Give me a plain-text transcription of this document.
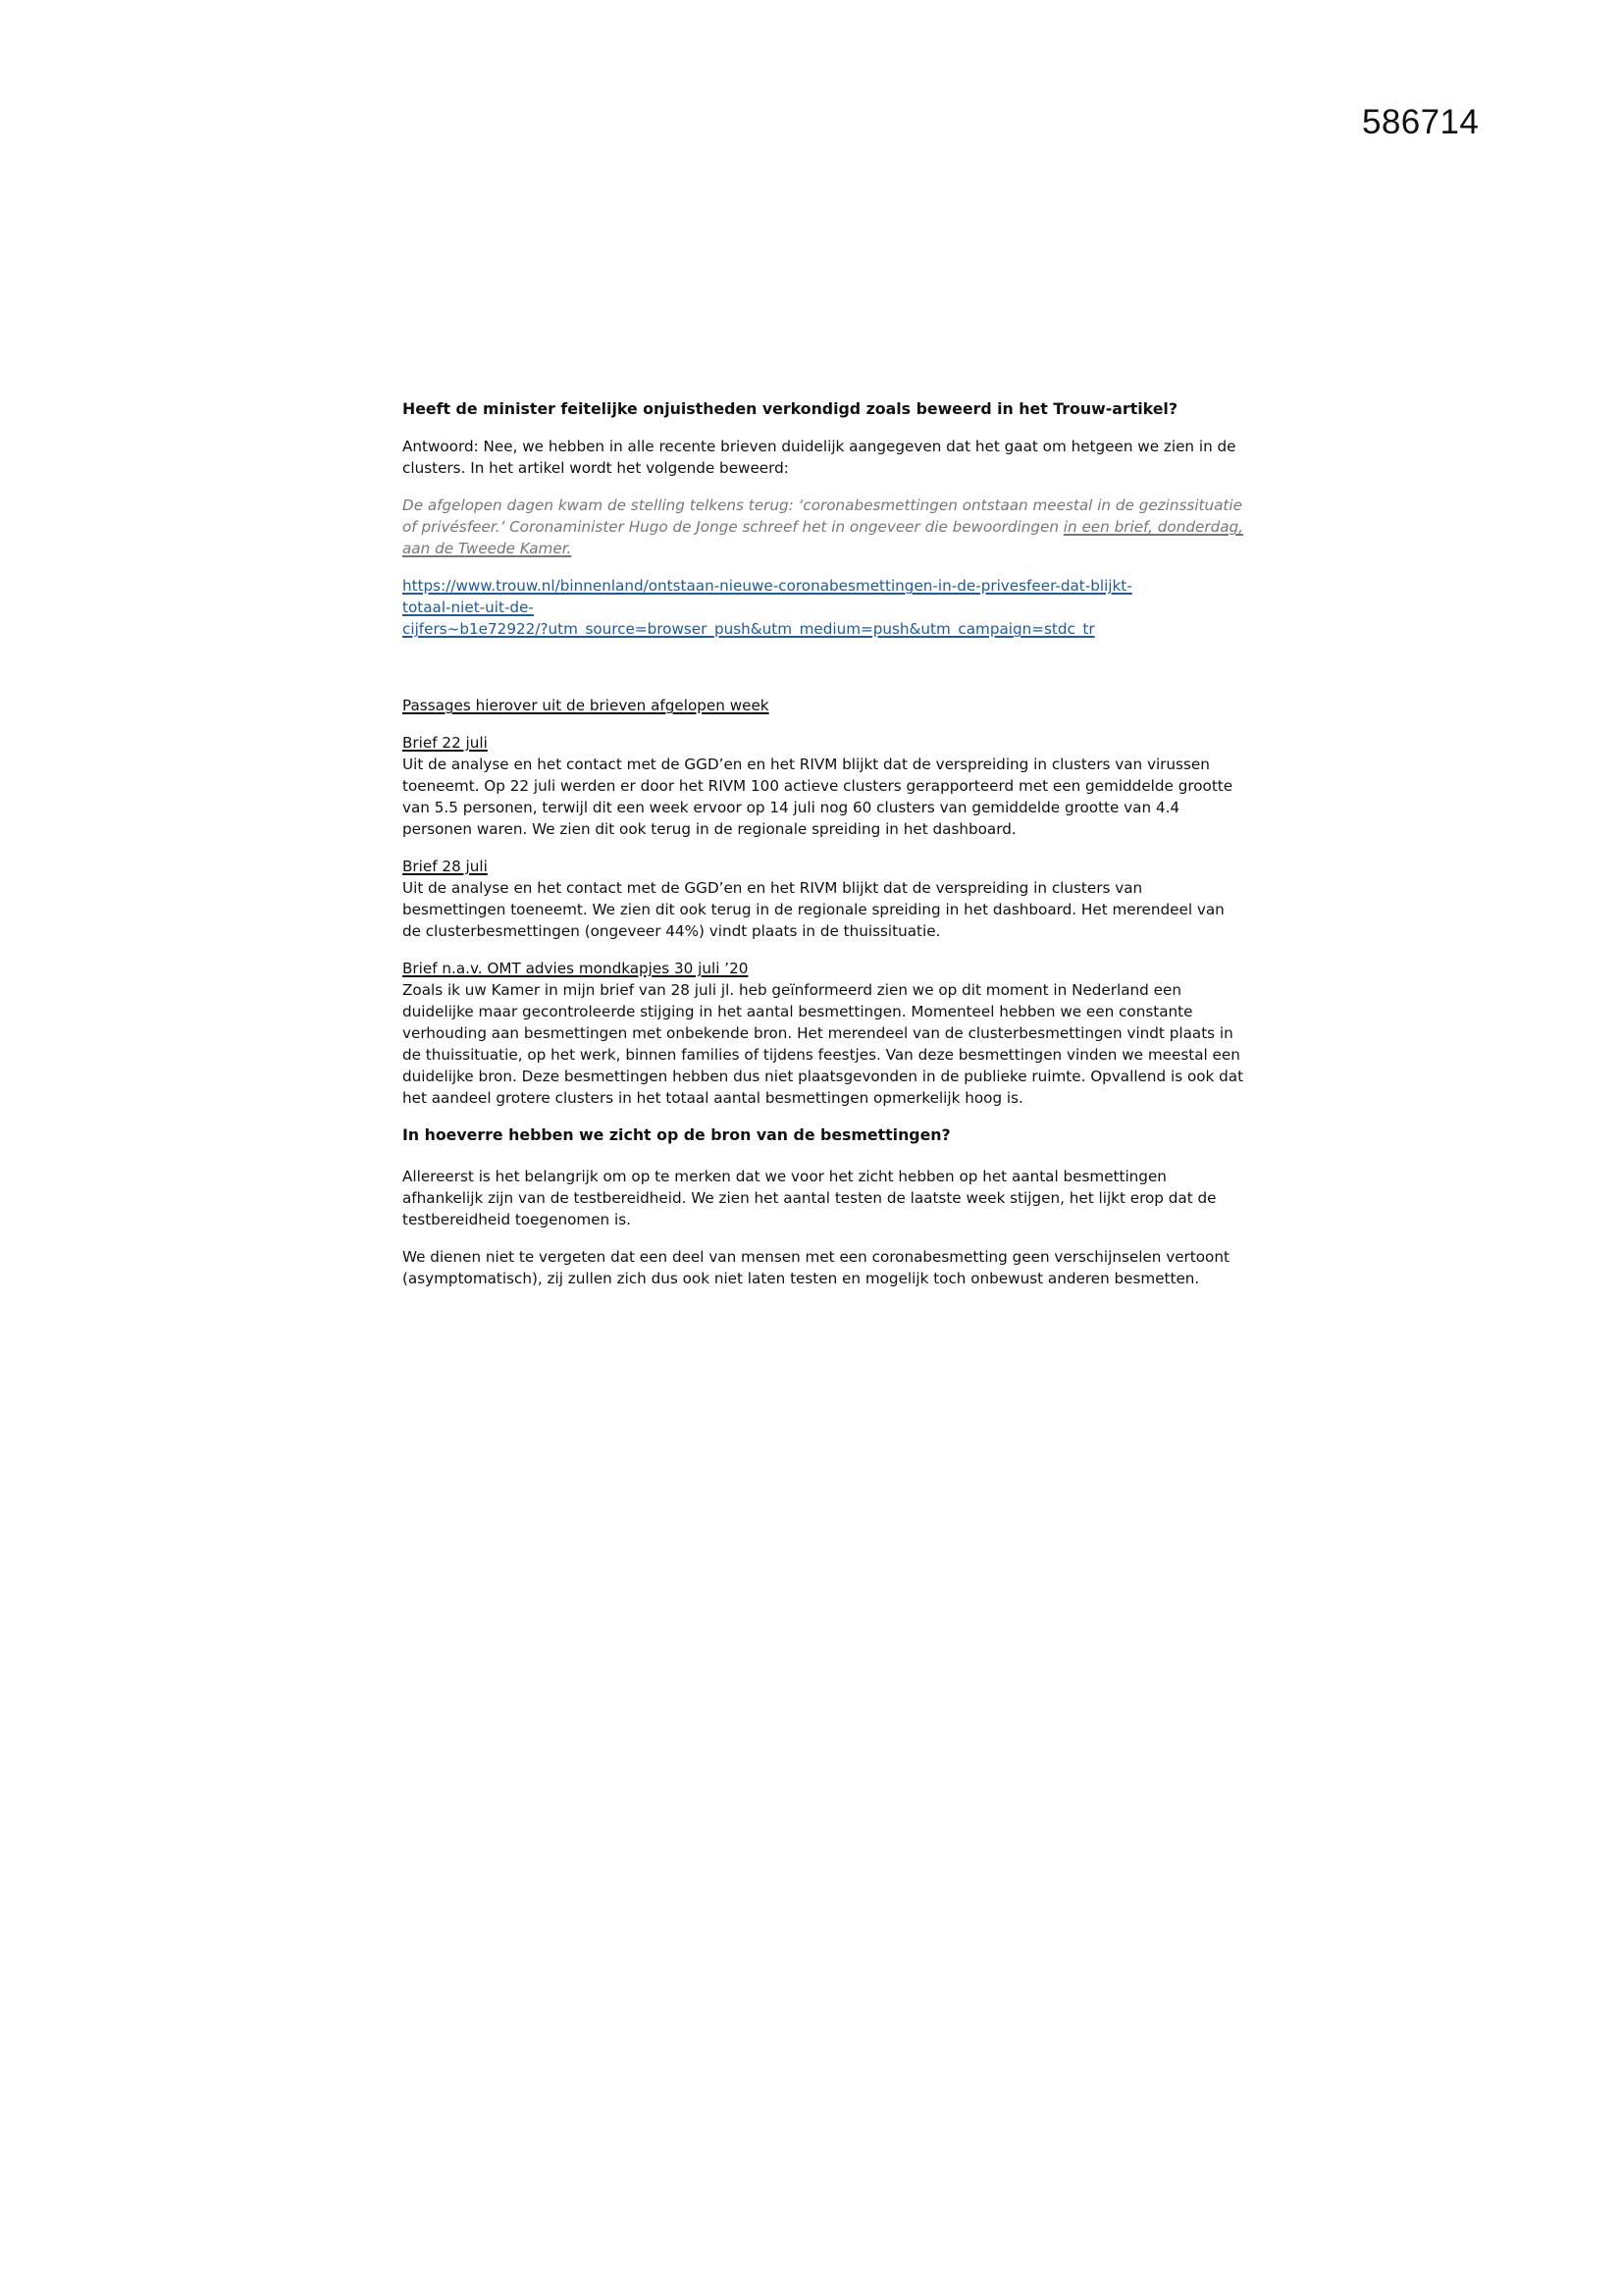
586714

Heeft de minister feitelijke onjuistheden verkondigd zoals beweerd in het Trouw-artikel?

Antwoord: Nee, we hebben in alle recente brieven duidelijk aangegeven dat het gaat om hetgeen we zien in de clusters. In het artikel wordt het volgende beweerd:

De afgelopen dagen kwam de stelling telkens terug: ‘coronabesmettingen ontstaan meestal in de gezinssituatie of privésfeer.’ Coronaminister Hugo de Jonge schreef het in ongeveer die bewoordingen in een brief, donderdag, aan de Tweede Kamer.

https://www.trouw.nl/binnenland/ontstaan-nieuwe-coronabesmettingen-in-de-privesfeer-dat-blijkt-
totaal-niet-uit-de-
cijfers~b1e72922/?utm_source=browser_push&utm_medium=push&utm_campaign=stdc_tr

Passages hierover uit de brieven afgelopen week

Brief 22 juli

Uit de analyse en het contact met de GGD’en en het RIVM blijkt dat de verspreiding in clusters van virussen toeneemt. Op 22 juli werden er door het RIVM 100 actieve clusters gerapporteerd met een gemiddelde grootte van 5.5 personen, terwijl dit een week ervoor op 14 juli nog 60 clusters van gemiddelde grootte van 4.4 personen waren. We zien dit ook terug in de regionale spreiding in het dashboard.

Brief 28 juli

Uit de analyse en het contact met de GGD’en en het RIVM blijkt dat de verspreiding in clusters van besmettingen toeneemt. We zien dit ook terug in de regionale spreiding in het dashboard. Het merendeel van de clusterbesmettingen (ongeveer 44%) vindt plaats in de thuissituatie.

Brief n.a.v. OMT advies mondkapjes 30 juli ’20

Zoals ik uw Kamer in mijn brief van 28 juli jl. heb geïnformeerd zien we op dit moment in Nederland een duidelijke maar gecontroleerde stijging in het aantal besmettingen. Momenteel hebben we een constante verhouding aan besmettingen met onbekende bron. Het merendeel van de clusterbesmettingen vindt plaats in de thuissituatie, op het werk, binnen families of tijdens feestjes. Van deze besmettingen vinden we meestal een duidelijke bron. Deze besmettingen hebben dus niet plaatsgevonden in de publieke ruimte. Opvallend is ook dat het aandeel grotere clusters in het totaal aantal besmettingen opmerkelijk hoog is.

In hoeverre hebben we zicht op de bron van de besmettingen?

Allereerst is het belangrijk om op te merken dat we voor het zicht hebben op het aantal besmettingen afhankelijk zijn van de testbereidheid. We zien het aantal testen de laatste week stijgen, het lijkt erop dat de testbereidheid toegenomen is.

We dienen niet te vergeten dat een deel van mensen met een coronabesmetting geen verschijnselen vertoont (asymptomatisch), zij zullen zich dus ook niet laten testen en mogelijk toch onbewust anderen besmetten.
